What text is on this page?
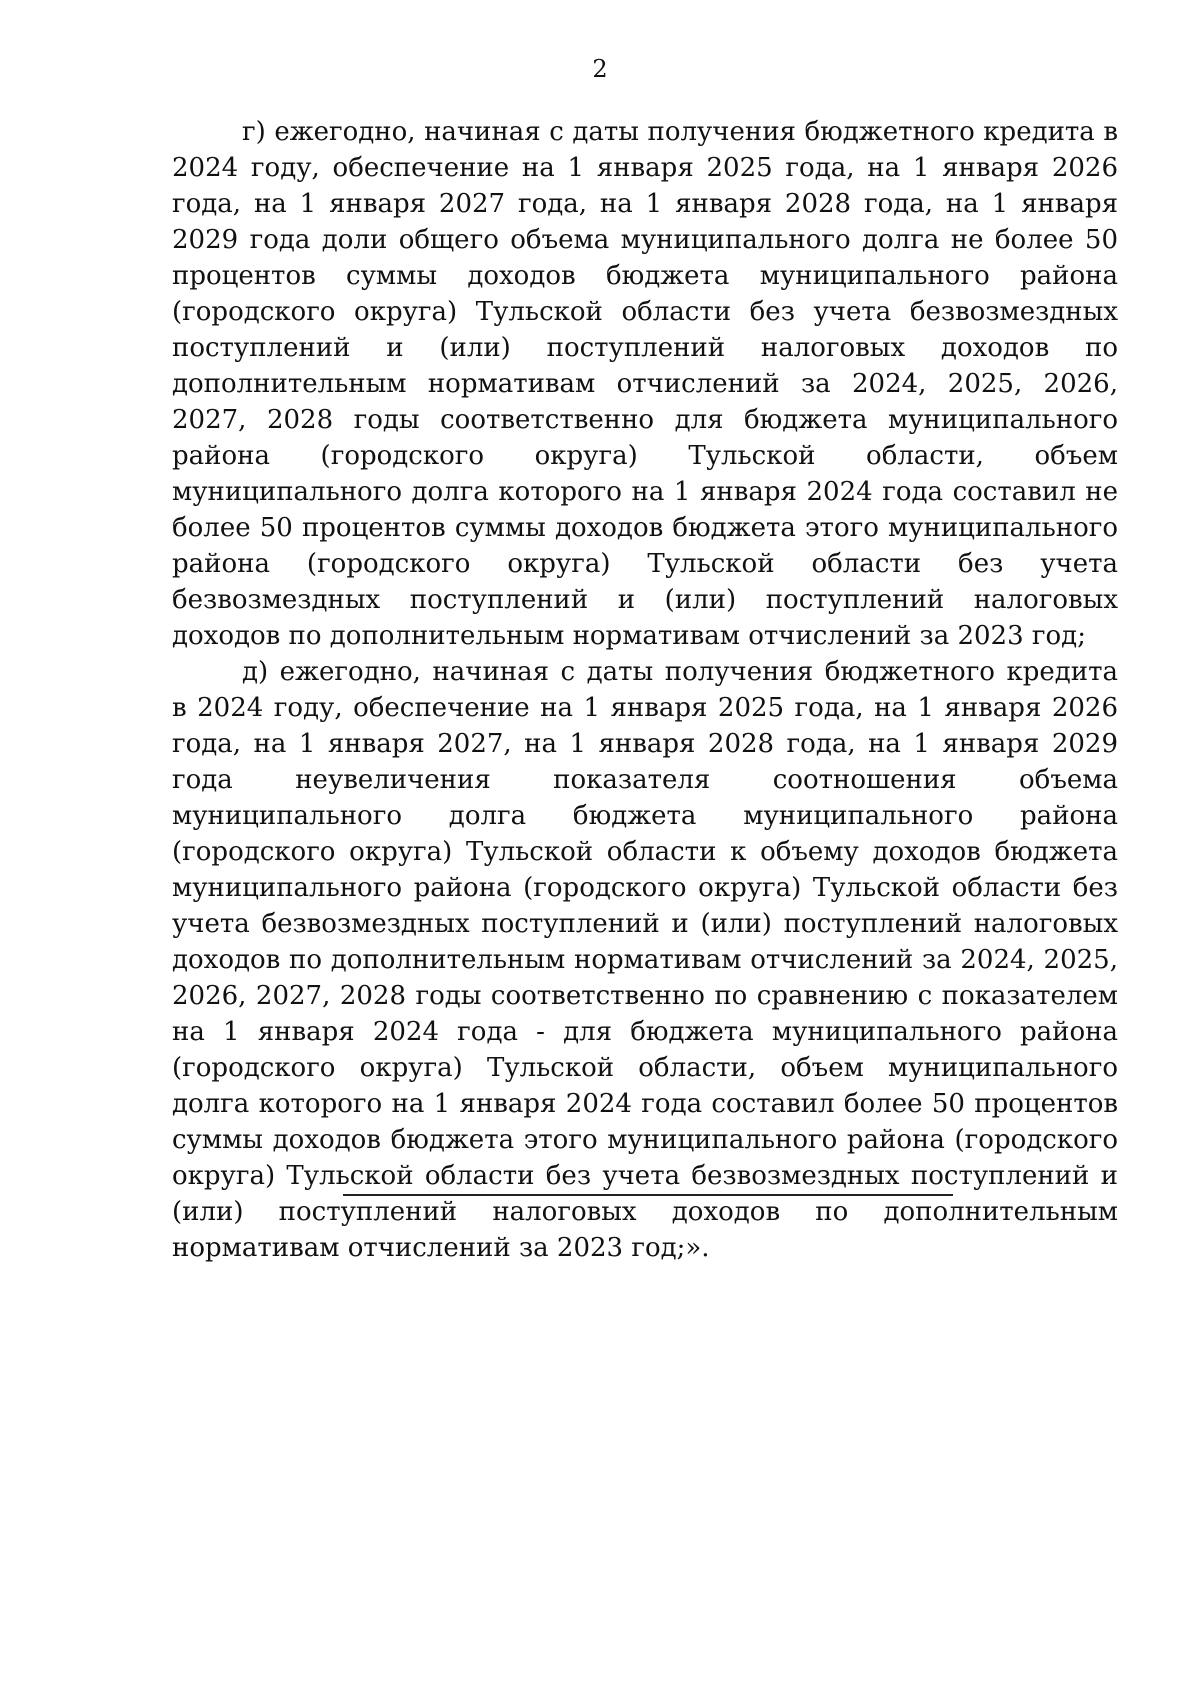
2

г) ежегодно, начиная с даты получения бюджетного кредита в 2024 году, обеспечение на 1 января 2025 года, на 1 января 2026 года, на 1 января 2027 года, на 1 января 2028 года, на 1 января 2029 года доли общего объема муниципального долга не более 50 процентов суммы доходов бюджета муниципального района (городского округа) Тульской области без учета безвозмездных поступлений и (или) поступлений налоговых доходов по дополнительным нормативам отчислений за 2024, 2025, 2026, 2027, 2028 годы соответственно для бюджета муниципального района (городского округа) Тульской области, объем муниципального долга которого на 1 января 2024 года составил не более 50 процентов суммы доходов бюджета этого муниципального района (городского округа) Тульской области без учета безвозмездных поступлений и (или) поступлений налоговых доходов по дополнительным нормативам отчислений за 2023 год;

д) ежегодно, начиная с даты получения бюджетного кредита в 2024 году, обеспечение на 1 января 2025 года, на 1 января 2026 года, на 1 января 2027, на 1 января 2028 года, на 1 января 2029 года неувеличения показателя соотношения объема муниципального долга бюджета муниципального района (городского округа) Тульской области к объему доходов бюджета муниципального района (городского округа) Тульской области без учета безвозмездных поступлений и (или) поступлений налоговых доходов по дополнительным нормативам отчислений за 2024, 2025, 2026, 2027, 2028 годы соответственно по сравнению с показателем на 1 января 2024 года - для бюджета муниципального района (городского округа) Тульской области, объем муниципального долга которого на 1 января 2024 года составил более 50 процентов суммы доходов бюджета этого муниципального района (городского округа) Тульской области без учета безвозмездных поступлений и (или) поступлений налоговых доходов по дополнительным нормативам отчислений за 2023 год;».
